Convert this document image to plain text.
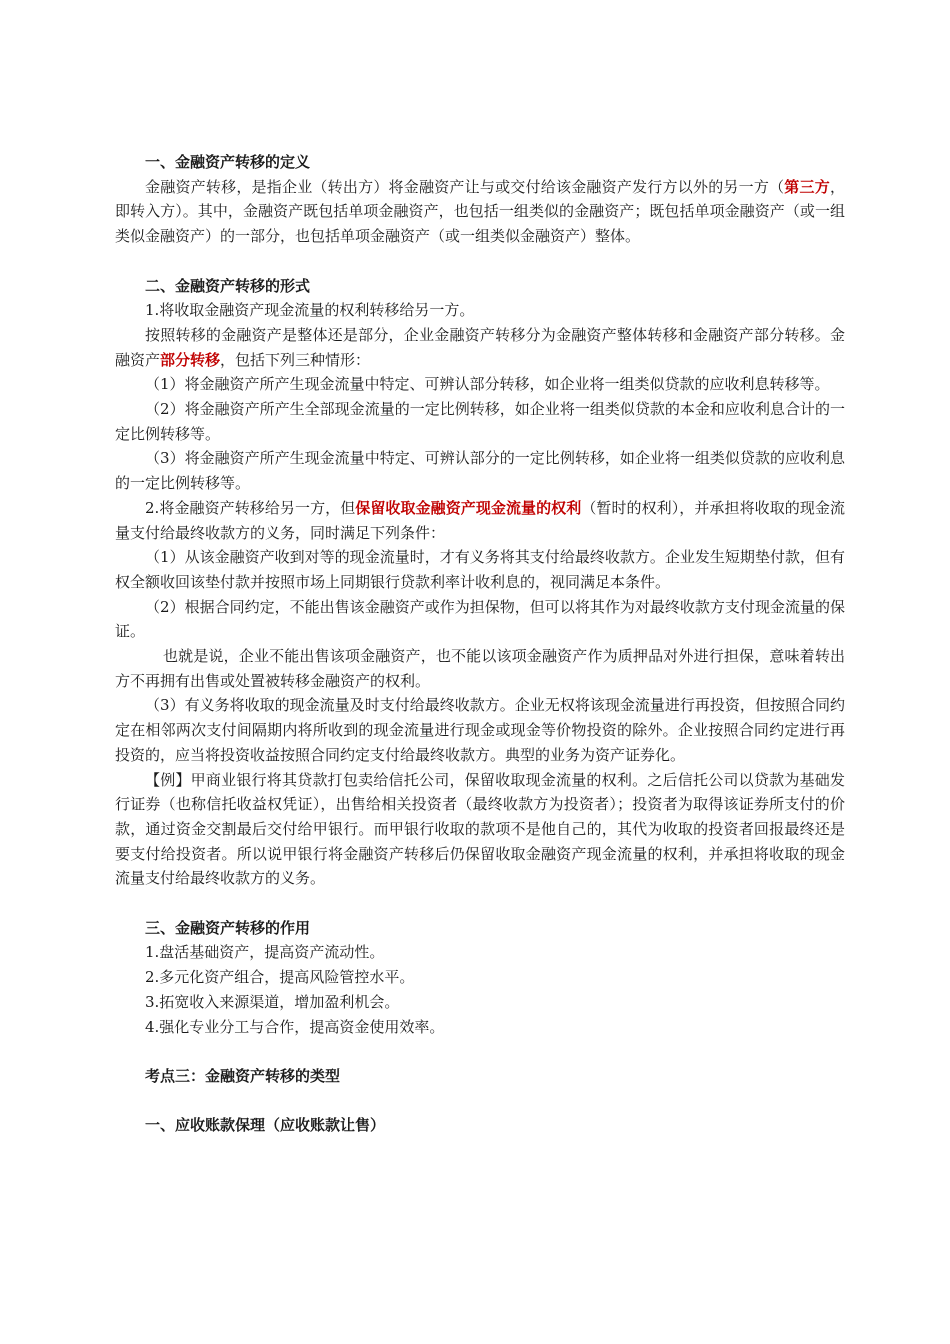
一、金融资产转移的定义

金融资产转移，是指企业（转出方）将金融资产让与或交付给该金融资产发行方以外的另一方（第三方，即转入方）。其中，金融资产既包括单项金融资产，也包括一组类似的金融资产；既包括单项金融资产（或一组类似金融资产）的一部分，也包括单项金融资产（或一组类似金融资产）整体。

二、金融资产转移的形式

1.将收取金融资产现金流量的权利转移给另一方。

按照转移的金融资产是整体还是部分，企业金融资产转移分为金融资产整体转移和金融资产部分转移。金融资产部分转移，包括下列三种情形：

（1）将金融资产所产生现金流量中特定、可辨认部分转移，如企业将一组类似贷款的应收利息转移等。

（2）将金融资产所产生全部现金流量的一定比例转移，如企业将一组类似贷款的本金和应收利息合计的一定比例转移等。

（3）将金融资产所产生现金流量中特定、可辨认部分的一定比例转移，如企业将一组类似贷款的应收利息的一定比例转移等。

2.将金融资产转移给另一方，但保留收取金融资产现金流量的权利（暂时的权利），并承担将收取的现金流量支付给最终收款方的义务，同时满足下列条件：

（1）从该金融资产收到对等的现金流量时，才有义务将其支付给最终收款方。企业发生短期垫付款，但有权全额收回该垫付款并按照市场上同期银行贷款利率计收利息的，视同满足本条件。

（2）根据合同约定，不能出售该金融资产或作为担保物，但可以将其作为对最终收款方支付现金流量的保证。

也就是说，企业不能出售该项金融资产，也不能以该项金融资产作为质押品对外进行担保，意味着转出方不再拥有出售或处置被转移金融资产的权利。

（3）有义务将收取的现金流量及时支付给最终收款方。企业无权将该现金流量进行再投资，但按照合同约定在相邻两次支付间隔期内将所收到的现金流量进行现金或现金等价物投资的除外。企业按照合同约定进行再投资的，应当将投资收益按照合同约定支付给最终收款方。典型的业务为资产证券化。

【例】甲商业银行将其贷款打包卖给信托公司，保留收取现金流量的权利。之后信托公司以贷款为基础发行证券（也称信托收益权凭证），出售给相关投资者（最终收款方为投资者）；投资者为取得该证券所支付的价款，通过资金交割最后交付给甲银行。而甲银行收取的款项不是他自己的，其代为收取的投资者回报最终还是要支付给投资者。所以说甲银行将金融资产转移后仍保留收取金融资产现金流量的权利，并承担将收取的现金流量支付给最终收款方的义务。

三、金融资产转移的作用

1.盘活基础资产，提高资产流动性。

2.多元化资产组合，提高风险管控水平。

3.拓宽收入来源渠道，增加盈利机会。

4.强化专业分工与合作，提高资金使用效率。

考点三：金融资产转移的类型

一、应收账款保理（应收账款让售）
